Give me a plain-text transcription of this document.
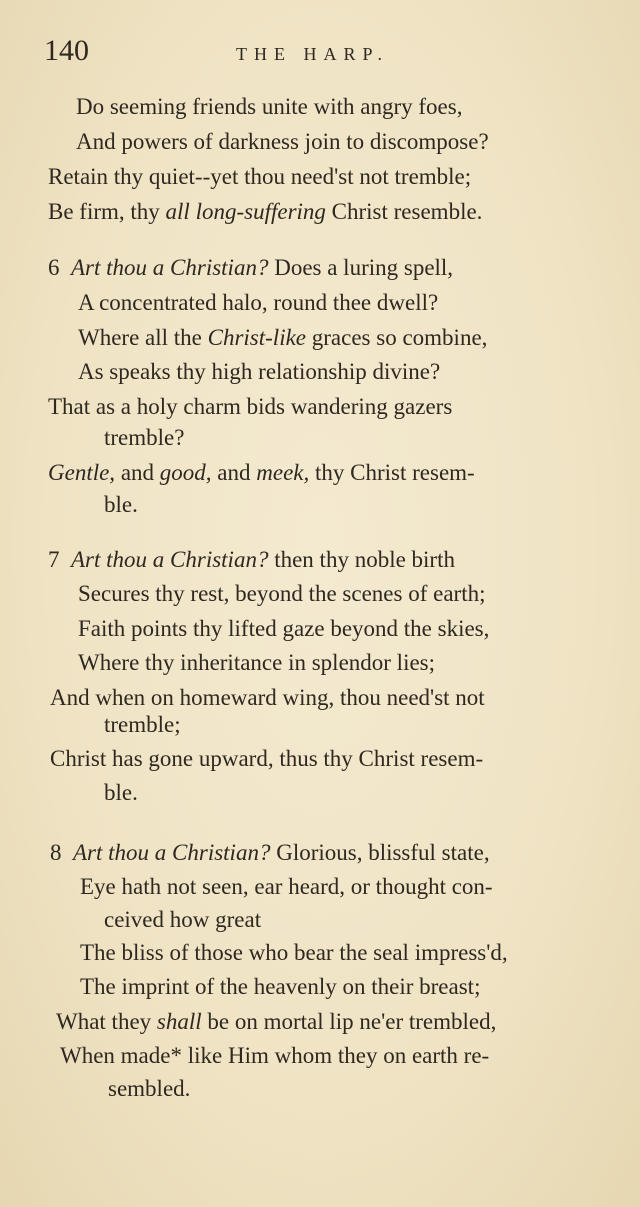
140	THE HARP.
Do seeming friends unite with angry foes,
And powers of darkness join to discompose?
Retain thy quiet--yet thou need'st not tremble;
Be firm, thy all long-suffering Christ resemble.
6 Art thou a Christian? Does a luring spell,
A concentrated halo, round thee dwell?
Where all the Christ-like graces so combine,
As speaks thy high relationship divine?
That as a holy charm bids wandering gazers
tremble?
Gentle, and good, and meek, thy Christ resem-
ble.
7 Art thou a Christian? then thy noble birth
Secures thy rest, beyond the scenes of earth;
Faith points thy lifted gaze beyond the skies,
Where thy inheritance in splendor lies;
And when on homeward wing, thou need'st not
tremble;
Christ has gone upward, thus thy Christ resem-
ble.
8 Art thou a Christian? Glorious, blissful state,
Eye hath not seen, ear heard, or thought con-
ceived how great
The bliss of those who bear the seal impress'd,
The imprint of the heavenly on their breast;
What they shall be on mortal lip ne'er trembled,
When made* like Him whom they on earth re-
sembled.
